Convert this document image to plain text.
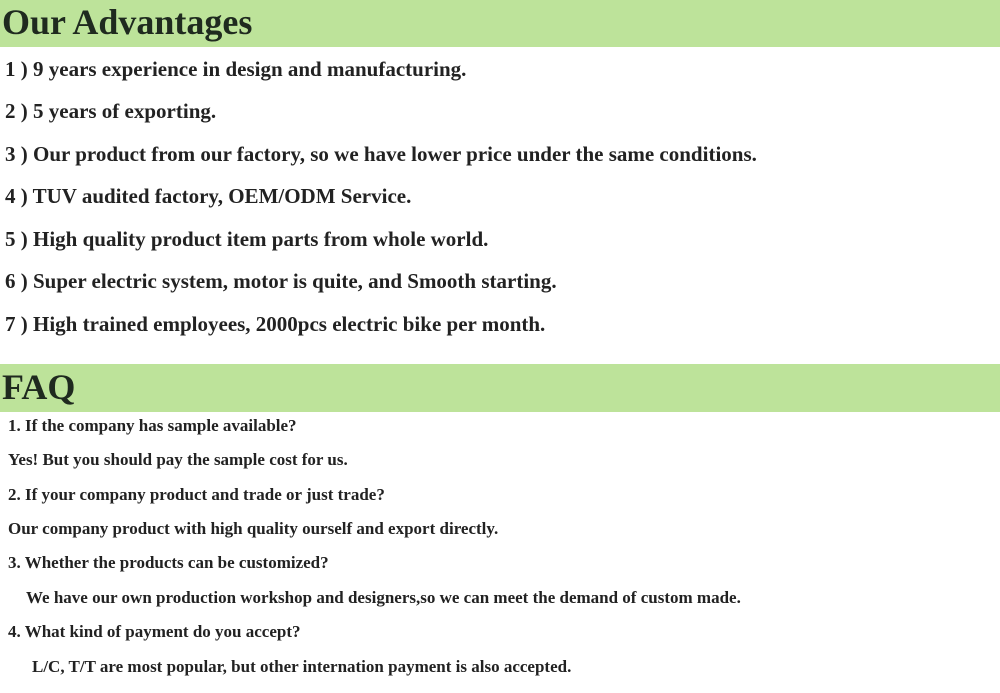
Our Advantages
1 ) 9 years experience in design and manufacturing.
2 ) 5 years of exporting.
3 ) Our product from our factory, so we have lower price under the same conditions.
4 ) TUV audited factory, OEM/ODM Service.
5 ) High quality product item parts from whole world.
6 ) Super electric system, motor is quite, and Smooth starting.
7 ) High trained employees, 2000pcs electric bike per month.
FAQ
1. If the company has sample available?
Yes! But you should pay the sample cost for us.
2. If your company product and trade or just trade?
Our company product with high quality ourself and export directly.
3. Whether the products can be customized?
We have our own production workshop and designers,so we can meet the demand of custom made.
4. What kind of payment do you accept?
L/C, T/T are most popular, but other internation payment is also accepted.
